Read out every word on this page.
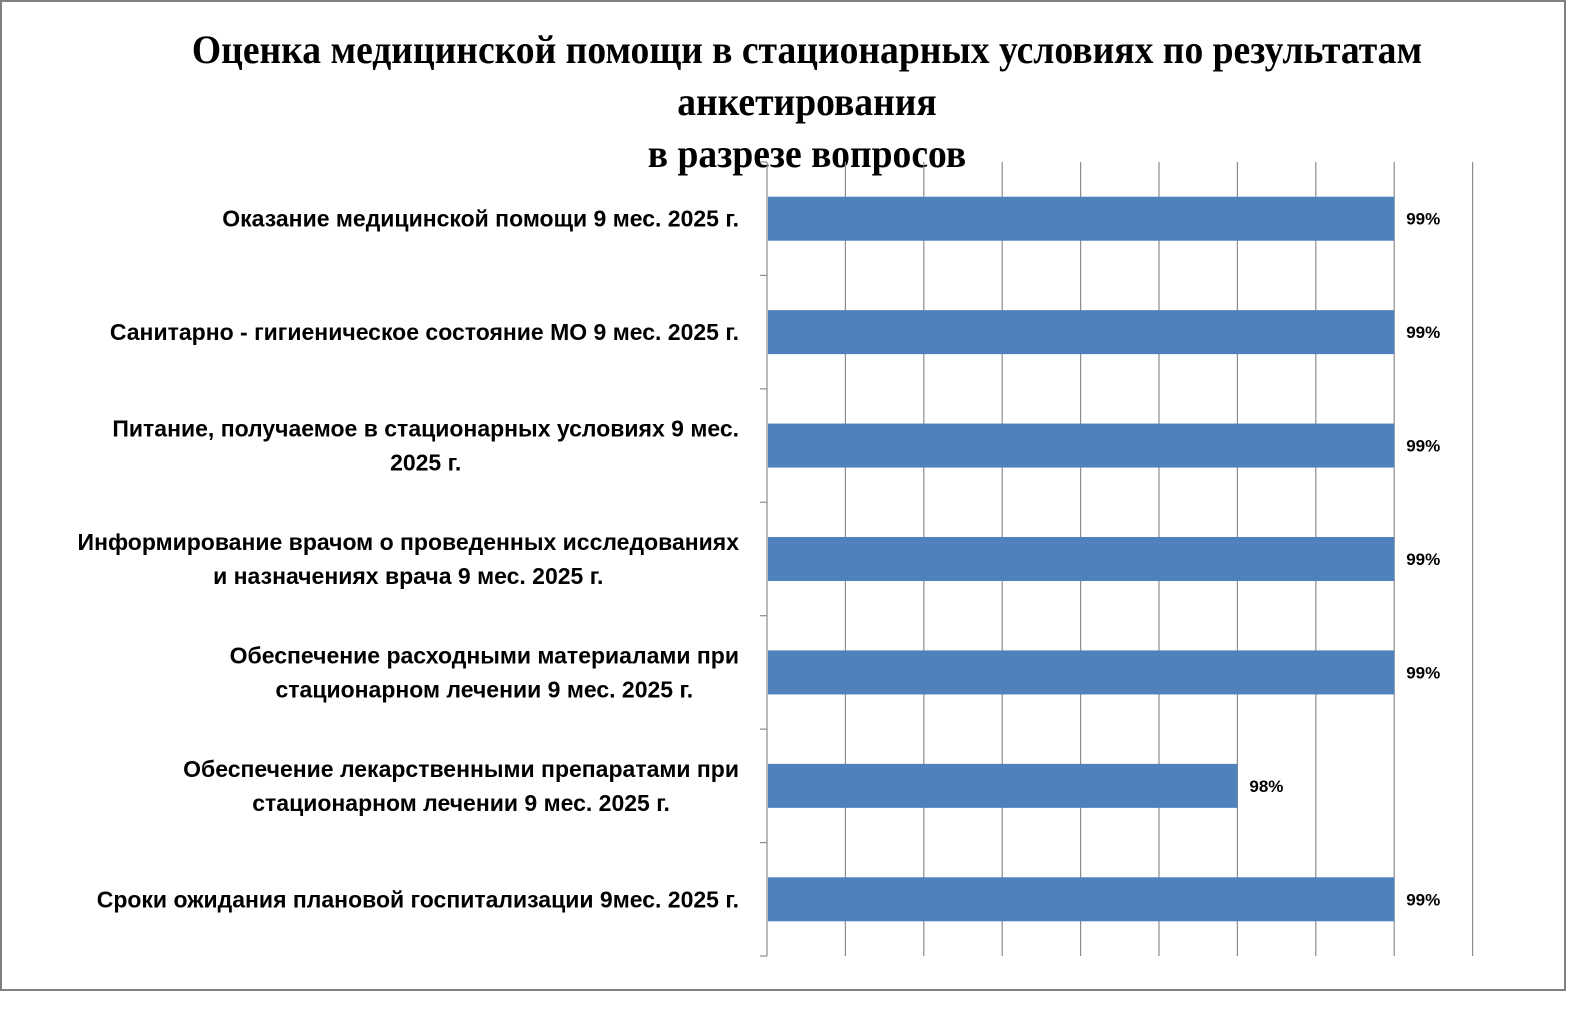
Оценка медицинской помощи в стационарных условиях по результатам анкетирования
в разрезе вопросов
Оказание медицинской помощи 9 мес. 2025 г.
Санитарно - гигиеническое состояние МО 9 мес. 2025 г.
Питание, получаемое в стационарных условиях 9 мес. 2025 г.
Информирование врачом о проведенных исследованиях и назначениях врача 9 мес. 2025 г.
Обеспечение расходными материалами при стационарном лечении 9 мес. 2025 г.
Обеспечение лекарственными препаратами при стационарном лечении 9 мес. 2025 г.
Сроки ожидания плановой госпитализации 9мес. 2025 г.
99%
99%
99%
99%
99%
98%
99%
